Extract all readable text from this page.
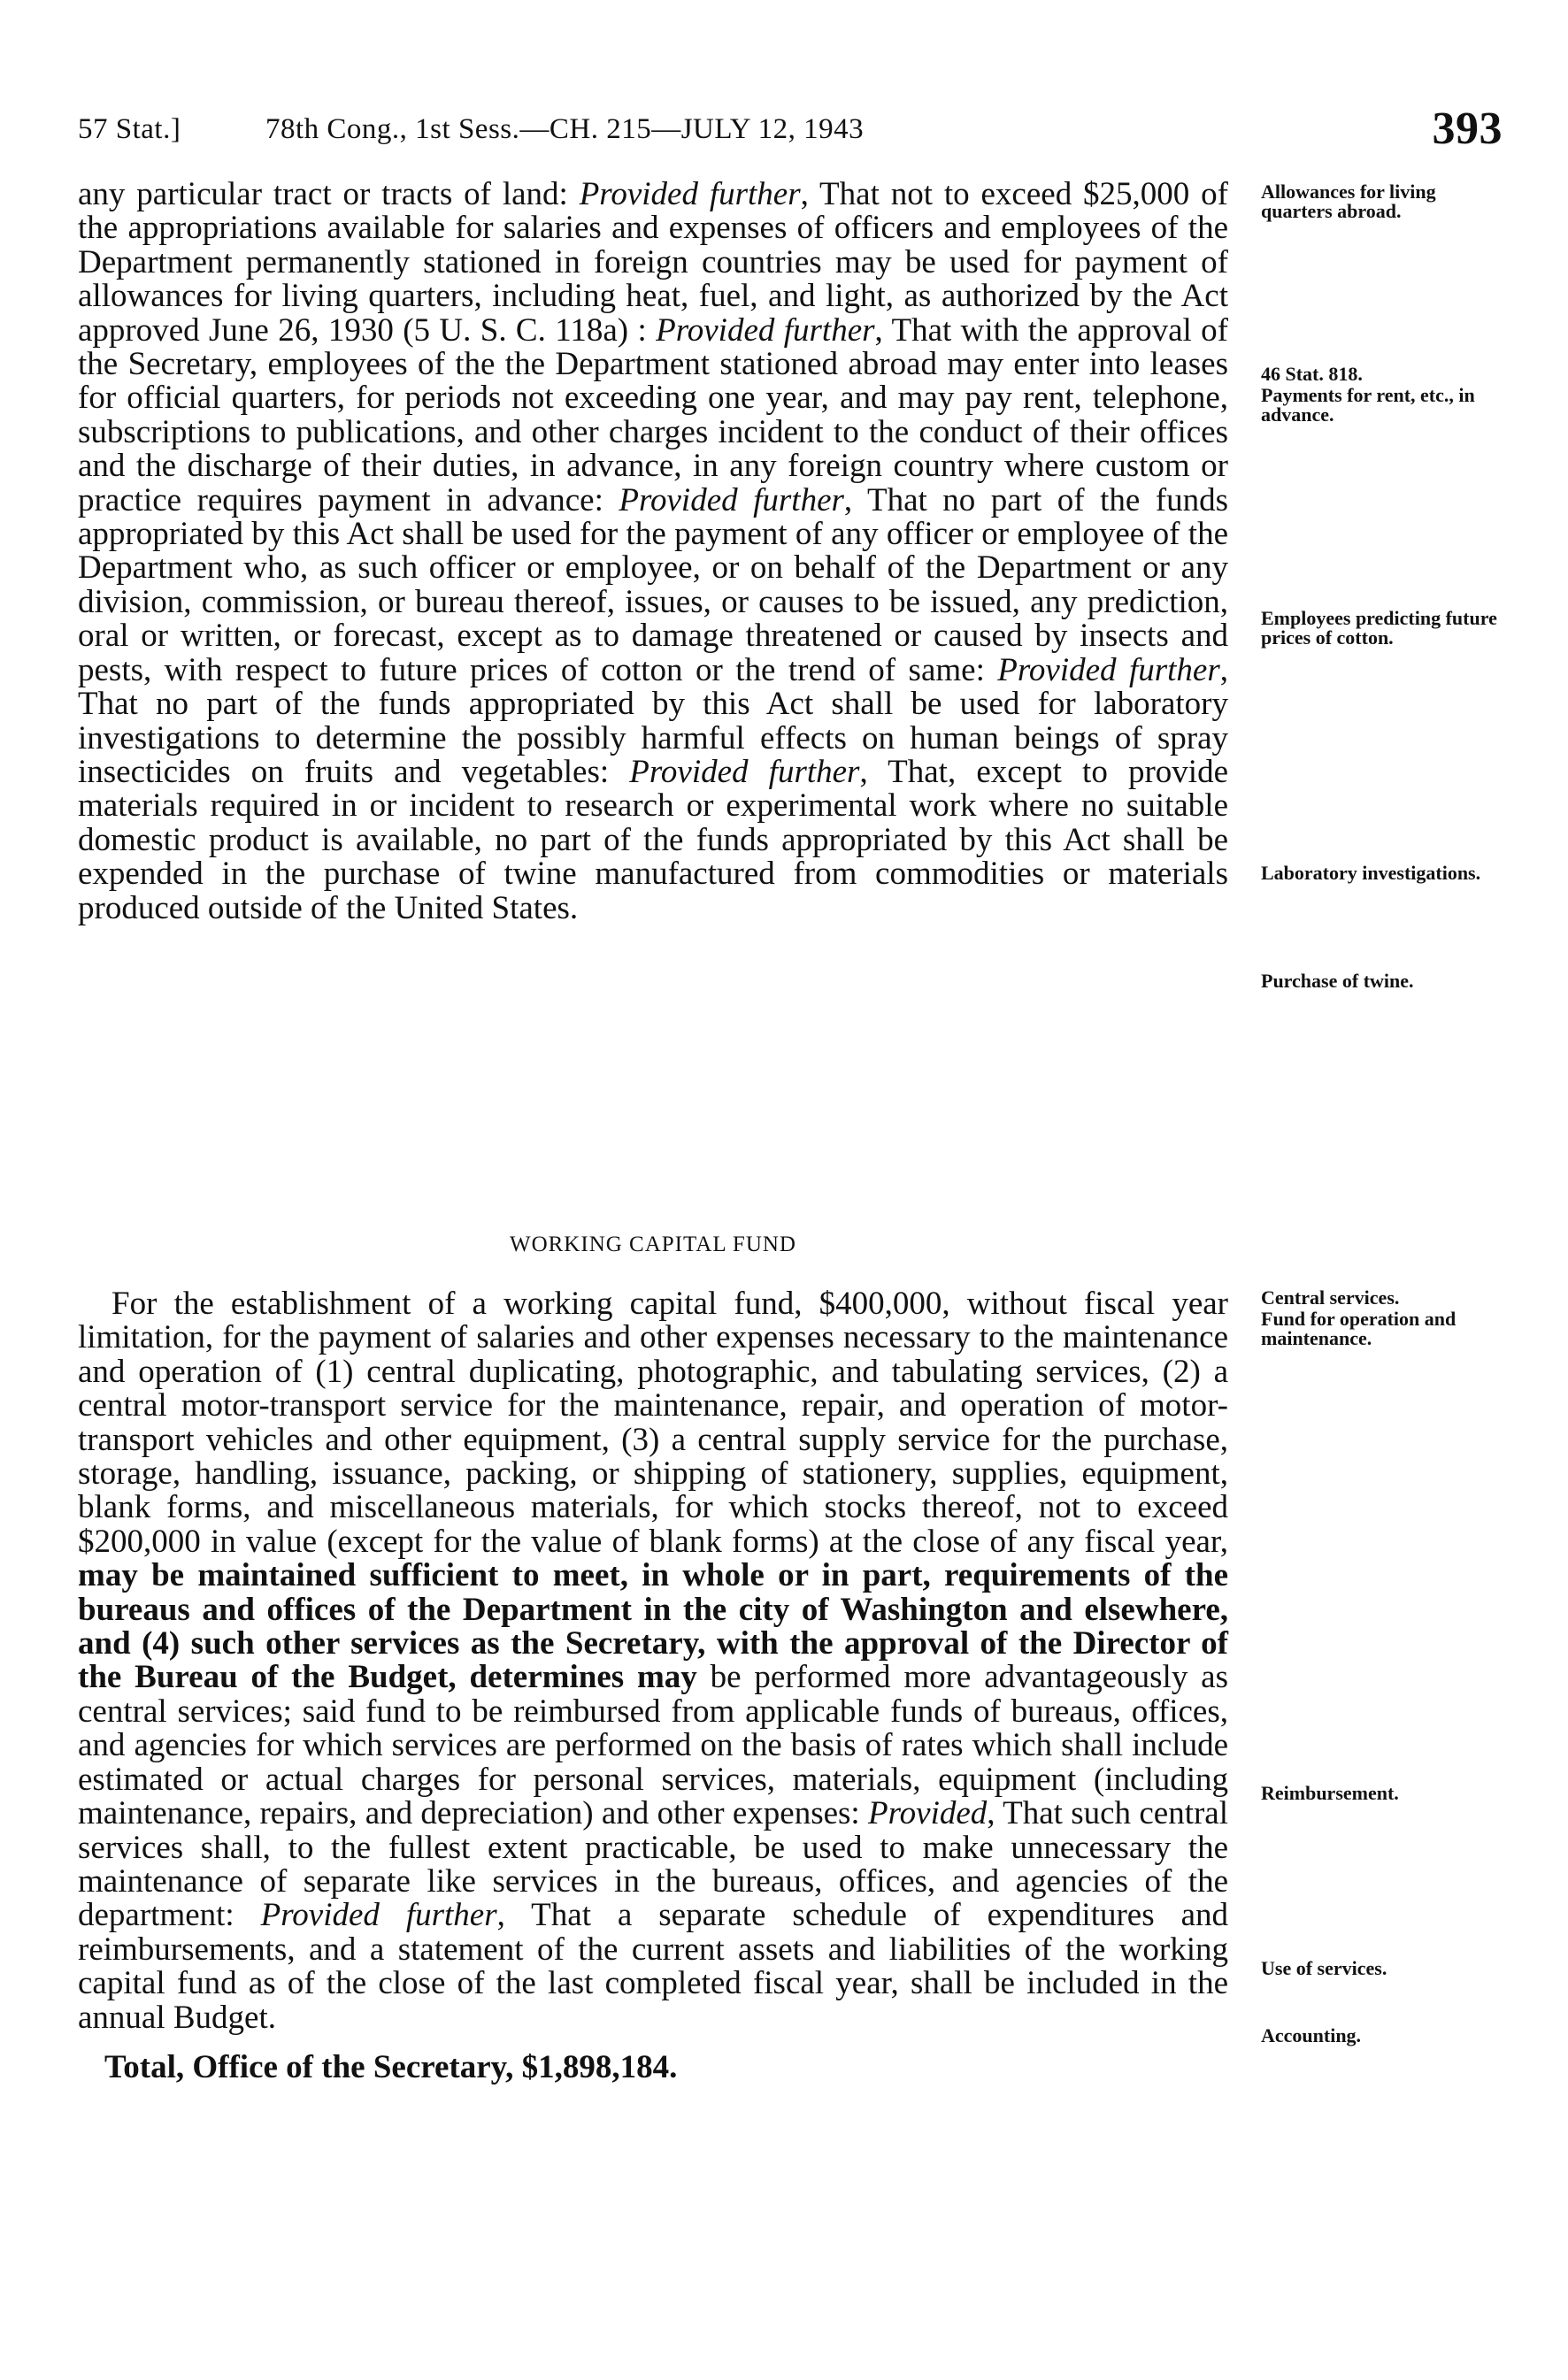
57 Stat.]	78th Cong., 1st Sess.—CH. 215—JULY 12, 1943	393

any particular tract or tracts of land: Provided further, That not to exceed $25,000 of the appropriations available for salaries and expenses of officers and employees of the Department permanently stationed in foreign countries may be used for payment of allowances for living quarters, including heat, fuel, and light, as authorized by the Act approved June 26, 1930 (5 U. S. C. 118a) : Provided further, That with the approval of the Secretary, employees of the the Department stationed abroad may enter into leases for official quarters, for periods not exceeding one year, and may pay rent, telephone, subscriptions to publications, and other charges incident to the conduct of their offices and the discharge of their duties, in advance, in any foreign country where custom or practice requires payment in advance: Provided further, That no part of the funds appropriated by this Act shall be used for the payment of any officer or employee of the Department who, as such officer or employee, or on behalf of the Department or any division, commission, or bureau thereof, issues, or causes to be issued, any prediction, oral or written, or forecast, except as to damage threatened or caused by insects and pests, with respect to future prices of cotton or the trend of same: Provided further, That no part of the funds appropriated by this Act shall be used for laboratory investigations to determine the possibly harmful effects on human beings of spray insecticides on fruits and vegetables: Provided further, That, except to provide materials required in or incident to research or experimental work where no suitable domestic product is available, no part of the funds appropriated by this Act shall be expended in the purchase of twine manufactured from commodities or materials produced outside of the United States.

WORKING CAPITAL FUND

For the establishment of a working capital fund, $400,000, without fiscal year limitation, for the payment of salaries and other expenses necessary to the maintenance and operation of (1) central duplicating, photographic, and tabulating services, (2) a central motor-transport service for the maintenance, repair, and operation of motor-transport vehicles and other equipment, (3) a central supply service for the purchase, storage, handling, issuance, packing, or shipping of stationery, supplies, equipment, blank forms, and miscellaneous materials, for which stocks thereof, not to exceed $200,000 in value (except for the value of blank forms) at the close of any fiscal year, may be maintained sufficient to meet, in whole or in part, requirements of the bureaus and offices of the Department in the city of Washington and elsewhere, and (4) such other services as the Secretary, with the approval of the Director of the Bureau of the Budget, determines may be performed more advantageously as central services; said fund to be reimbursed from applicable funds of bureaus, offices, and agencies for which services are performed on the basis of rates which shall include estimated or actual charges for personal services, materials, equipment (including maintenance, repairs, and depreciation) and other expenses: Provided, That such central services shall, to the fullest extent practicable, be used to make unnecessary the maintenance of separate like services in the bureaus, offices, and agencies of the department: Provided further, That a separate schedule of expenditures and reimbursements, and a statement of the current assets and liabilities of the working capital fund as of the close of the last completed fiscal year, shall be included in the annual Budget.

Total, Office of the Secretary, $1,898,184.
Allowances for living quarters abroad.
46 Stat. 818.
Payments for rent, etc., in advance.
Employees predicting future prices of cotton.
Laboratory investigations.
Purchase of twine.
Central services.
Fund for operation and maintenance.
Reimbursement.
Use of services.
Accounting.
